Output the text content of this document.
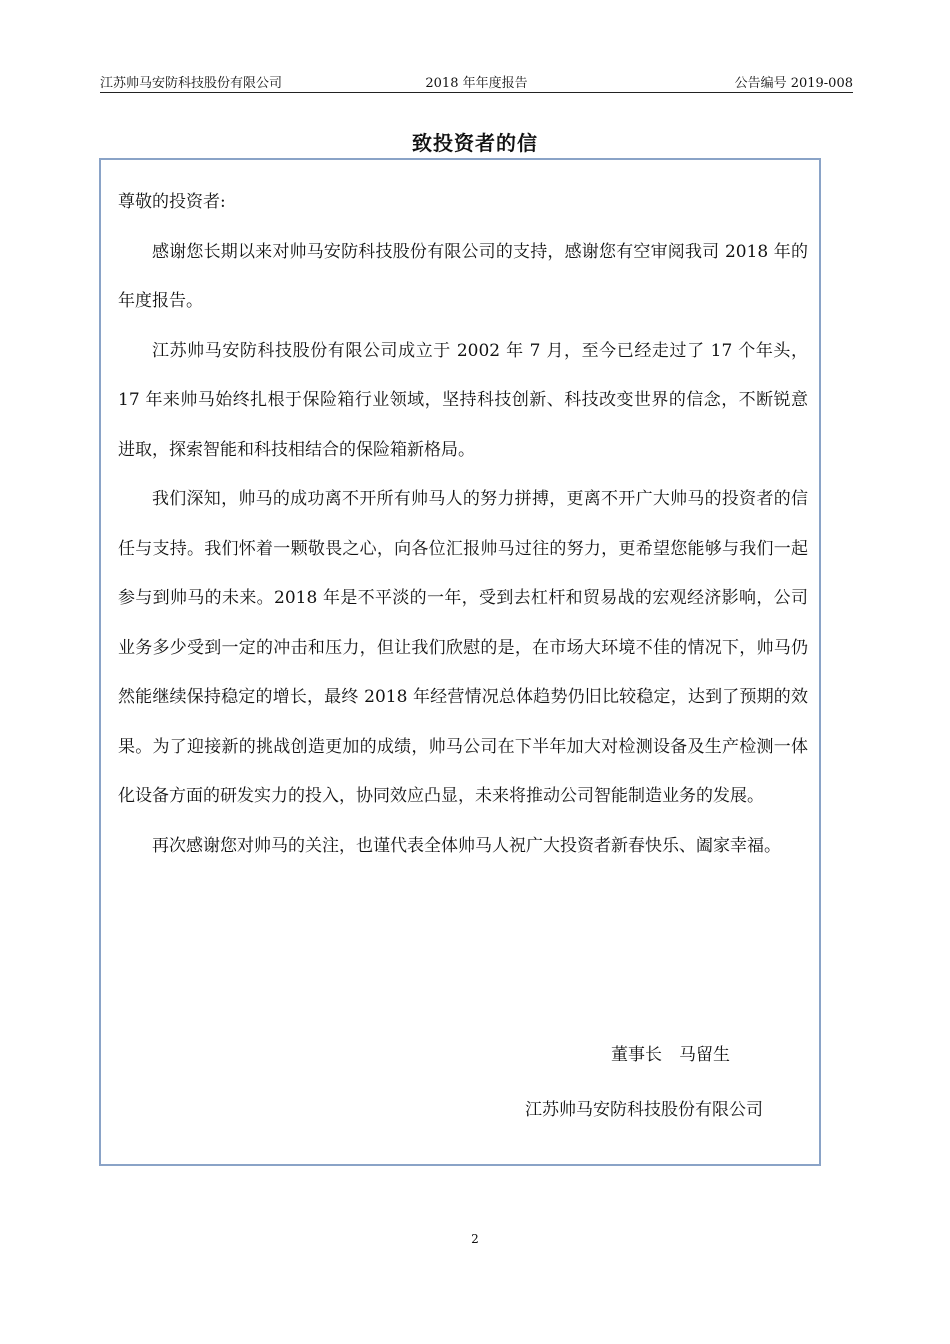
江苏帅马安防科技股份有限公司	2018 年年度报告	公告编号 2019-008
致投资者的信

尊敬的投资者:

感谢您长期以来对帅马安防科技股份有限公司的支持，感谢您有空审阅我司 2018 年的年度报告。

江苏帅马安防科技股份有限公司成立于 2002 年 7 月，至今已经走过了 17 个年头，17 年来帅马始终扎根于保险箱行业领域，坚持科技创新、科技改变世界的信念，不断锐意进取，探索智能和科技相结合的保险箱新格局。

我们深知，帅马的成功离不开所有帅马人的努力拼搏，更离不开广大帅马的投资者的信任与支持。我们怀着一颗敬畏之心，向各位汇报帅马过往的努力，更希望您能够与我们一起参与到帅马的未来。2018 年是不平淡的一年，受到去杠杆和贸易战的宏观经济影响，公司业务多少受到一定的冲击和压力，但让我们欣慰的是，在市场大环境不佳的情况下，帅马仍然能继续保持稳定的增长，最终 2018 年经营情况总体趋势仍旧比较稳定，达到了预期的效果。为了迎接新的挑战创造更加的成绩，帅马公司在下半年加大对检测设备及生产检测一体化设备方面的研发实力的投入，协同效应凸显，未来将推动公司智能制造业务的发展。

再次感谢您对帅马的关注，也谨代表全体帅马人祝广大投资者新春快乐、阖家幸福。

董事长　马留生
江苏帅马安防科技股份有限公司
2
